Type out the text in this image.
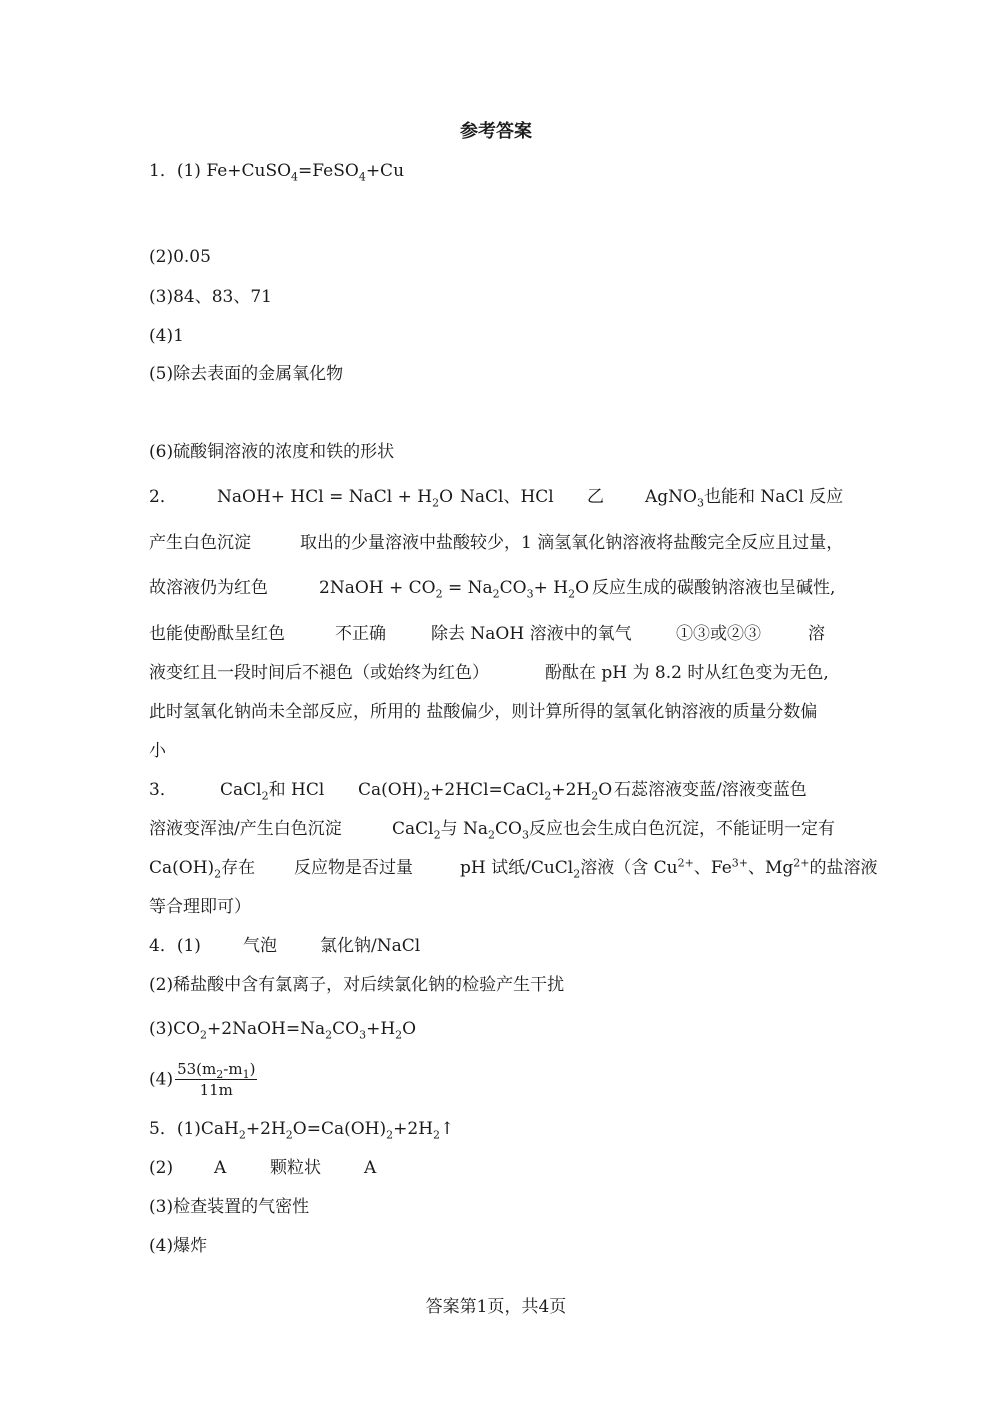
参考答案
1．(1) Fe+CuSO$_4$=FeSO$_4$+Cu
(2)0.05
(3)84、83、71
(4)1
(5)除去表面的金属氧化物
(6)硫酸铜溶液的浓度和铁的形状
2． NaOH+ HCl = NaCl + $H_2O$ NaCl、HCl 乙 AgNO$_3$也能和 NaCl 反应
产生白色沉淀	取出的少量溶液中盐酸较少，1 滴氢氧化钠溶液将盐酸完全反应且过量，
故溶液仍为红色	2NaOH + $CO_2 = Na_2CO_3+ H_2O$ 反应生成的碳酸钠溶液也呈碱性,
也能使酚酞呈红色	不正确	除去 NaOH 溶液中的氧气	①③或②③	溶
液变红且一段时间后不褪色（或始终为红色）	酚酞在 pH 为 8.2 时从红色变为无色,
此时氢氧化钠尚未全部反应，所用的 盐酸偏少，则计算所得的氢氧化钠溶液的质量分数偏
小
3．	CaCl$_2$和 HCl $Ca(OH)_2+2HCl=CaCl_2+2H_2O$ 石蕊溶液变蓝/溶液变蓝色
溶液变浑浊/产生白色沉淀	CaCl$_2$与 $Na_2CO_3$反应也会生成白色沉淀，不能证明一定有
$Ca(OH)_2$存在 反应物是否过量	pH 试纸/CuCl$_2$溶液（含 $Cu^{2+}$、$Fe^{3+}$、$Mg^{2+}$的盐溶液
等合理即可）
4．(1) 气泡	氯化钠/NaCl
(2)稀盐酸中含有氯离子，对后续氯化钠的检验产生干扰
$(3)CO_2+2NaOH=Na_2CO_3+H_2O$
$(4) \frac{53(m_2-m_1)}{11m}$
5．$(1)CaH_2+2H_2O=Ca(OH)_2+2H_2↑$
(2) A	颗粒状	A
(3)检查装置的气密性
(4)爆炸
答案第1页，共4页
